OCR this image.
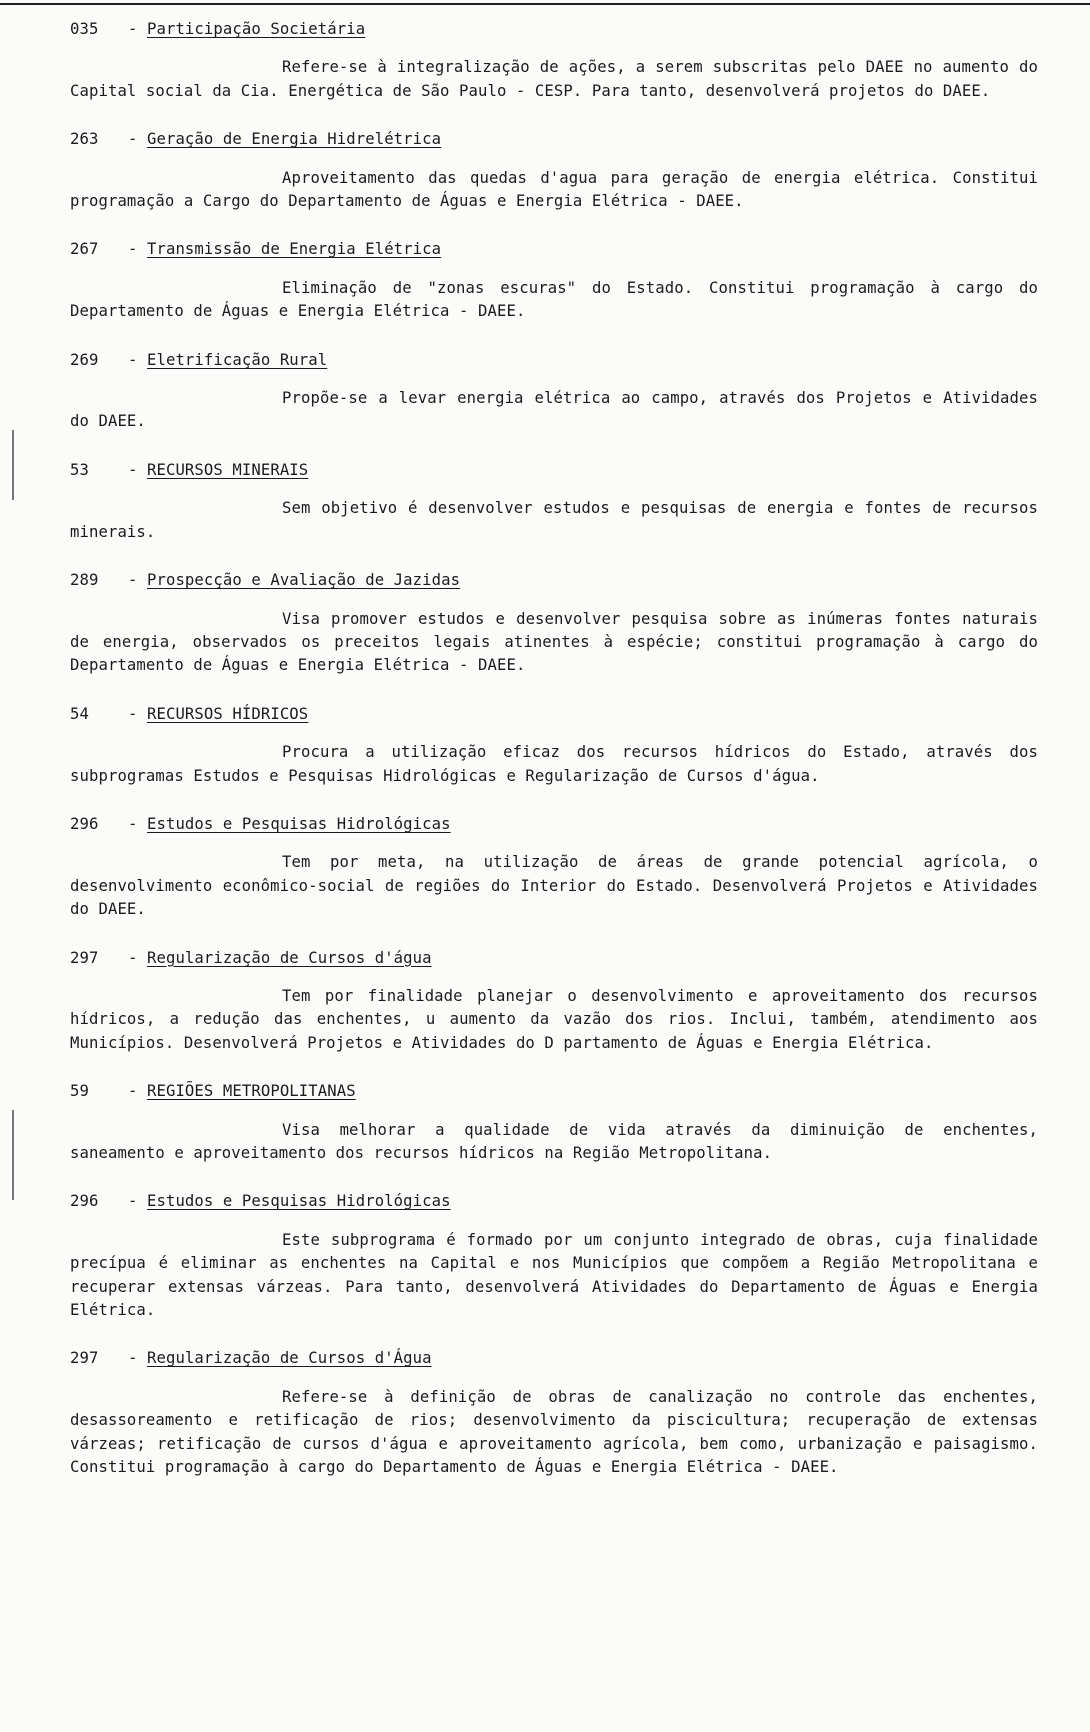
035 - Participação Societária

Refere-se à integralização de ações, a serem subscritas pelo DAEE no aumento do Capital social da Cia. Energética de São Paulo - CESP. Para tanto, desenvolverá projetos do DAEE.

263 - Geração de Energia Hidrelétrica

Aproveitamento das quedas d'agua para geração de energia elétrica. Constitui programação a Cargo do Departamento de Águas e Energia Elétrica - DAEE.

267 - Transmissão de Energia Elétrica

Eliminação de "zonas escuras" do Estado. Constitui programação à cargo do Departamento de Águas e Energia Elétrica - DAEE.

269 - Eletrificação Rural

Propõe-se a levar energia elétrica ao campo, através dos Projetos e Atividades do DAEE.

53	- RECURSOS MINERAIS

Sem objetivo é desenvolver estudos e pesquisas de energia e fontes de recursos minerais.

289 - Prospecção e Avaliação de Jazidas

Visa promover estudos e desenvolver pesquisa sobre as inúmeras fontes naturais de energia, observados os preceitos legais atinentes à espécie; constitui programação à cargo do Departamento de Águas e Energia Elétrica - DAEE.

54	- RECURSOS HÍDRICOS

Procura a utilização eficaz dos recursos hídricos do Estado, através dos subprogramas Estudos e Pesquisas Hidrológicas e Regularização de Cursos d'água.

296 - Estudos e Pesquisas Hidrológicas

Tem por meta, na utilização de áreas de grande potencial agrícola, o desenvolvimento econômico-social de regiões do Interior do Estado. Desenvolverá Projetos e Atividades do DAEE.

297 - Regularização de Cursos d'água

Tem por finalidade planejar o desenvolvimento e aproveitamento dos recursos hídricos, a redução das enchentes, u aumento da vazão dos rios. Inclui, também, atendimento aos Municípios. Desenvolverá Projetos e Atividades do D partamento de Águas e Energia Elétrica.

59	- REGIÕES METROPOLITANAS

Visa melhorar a qualidade de vida através da diminuição de enchentes, saneamento e aproveitamento dos recursos hídricos na Região Metropolitana.

296 - Estudos e Pesquisas Hidrológicas

Este subprograma é formado por um conjunto integrado de obras, cuja finalidade precípua é eliminar as enchentes na Capital e nos Municípios que compõem a Região Metropolitana e recuperar extensas várzeas. Para tanto, desenvolverá Atividades do Departamento de Águas e Energia Elétrica.

297 - Regularização de Cursos d'Água

Refere-se à definição de obras de canalização no controle das enchentes, desassoreamento e retificação de rios; desenvolvimento da piscicultura; recuperação de extensas várzeas; retificação de cursos d'água e aproveitamento agrícola, bem como, urbanização e paisagismo. Constitui programação à cargo do Departamento de Águas e Energia Elétrica - DAEE.
